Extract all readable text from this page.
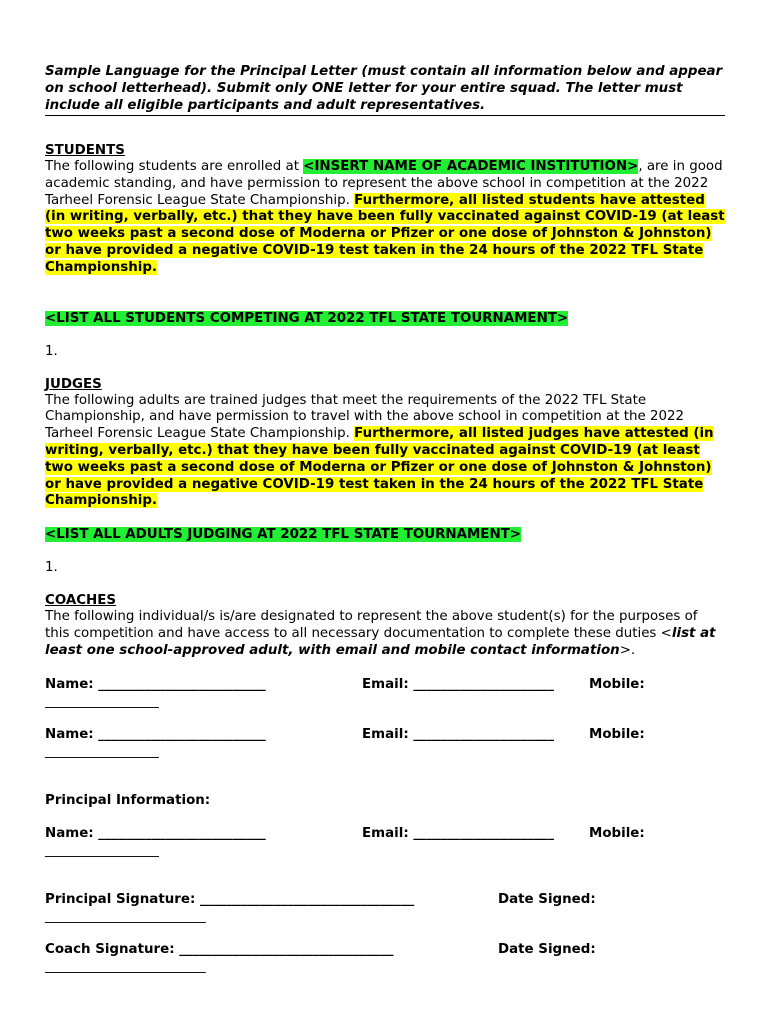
Sample Language for the Principal Letter (must contain all information below and appear on school letterhead). Submit only ONE letter for your entire squad. The letter must include all eligible participants and adult representatives.
STUDENTS
The following students are enrolled at <INSERT NAME OF ACADEMIC INSTITUTION>, are in good academic standing, and have permission to represent the above school in competition at the 2022 Tarheel Forensic League State Championship. Furthermore, all listed students have attested (in writing, verbally, etc.) that they have been fully vaccinated against COVID-19 (at least two weeks past a second dose of Moderna or Pfizer or one dose of Johnston & Johnston) or have provided a negative COVID-19 test taken in the 24 hours of the 2022 TFL State Championship.
<LIST ALL STUDENTS COMPETING AT 2022 TFL STATE TOURNAMENT>
1.
JUDGES
The following adults are trained judges that meet the requirements of the 2022 TFL State Championship, and have permission to travel with the above school in competition at the 2022 Tarheel Forensic League State Championship. Furthermore, all listed judges have attested (in writing, verbally, etc.) that they have been fully vaccinated against COVID-19 (at least two weeks past a second dose of Moderna or Pfizer or one dose of Johnston & Johnston) or have provided a negative COVID-19 test taken in the 24 hours of the 2022 TFL State Championship.
<LIST ALL ADULTS JUDGING AT 2022 TFL STATE TOURNAMENT>
1.
COACHES
The following individual/s is/are designated to represent the above student(s) for the purposes of this competition and have access to all necessary documentation to complete these duties <list at least one school-approved adult, with email and mobile contact information>.
Name: _________________________	Email: _____________________	Mobile:
_________________
Name: _________________________	Email: _____________________	Mobile:
_________________
Principal Information:
Name: _________________________	Email: _____________________	Mobile:
_________________
Principal Signature: ________________________________	Date Signed:
________________________
Coach Signature: ________________________________	Date Signed:
________________________
